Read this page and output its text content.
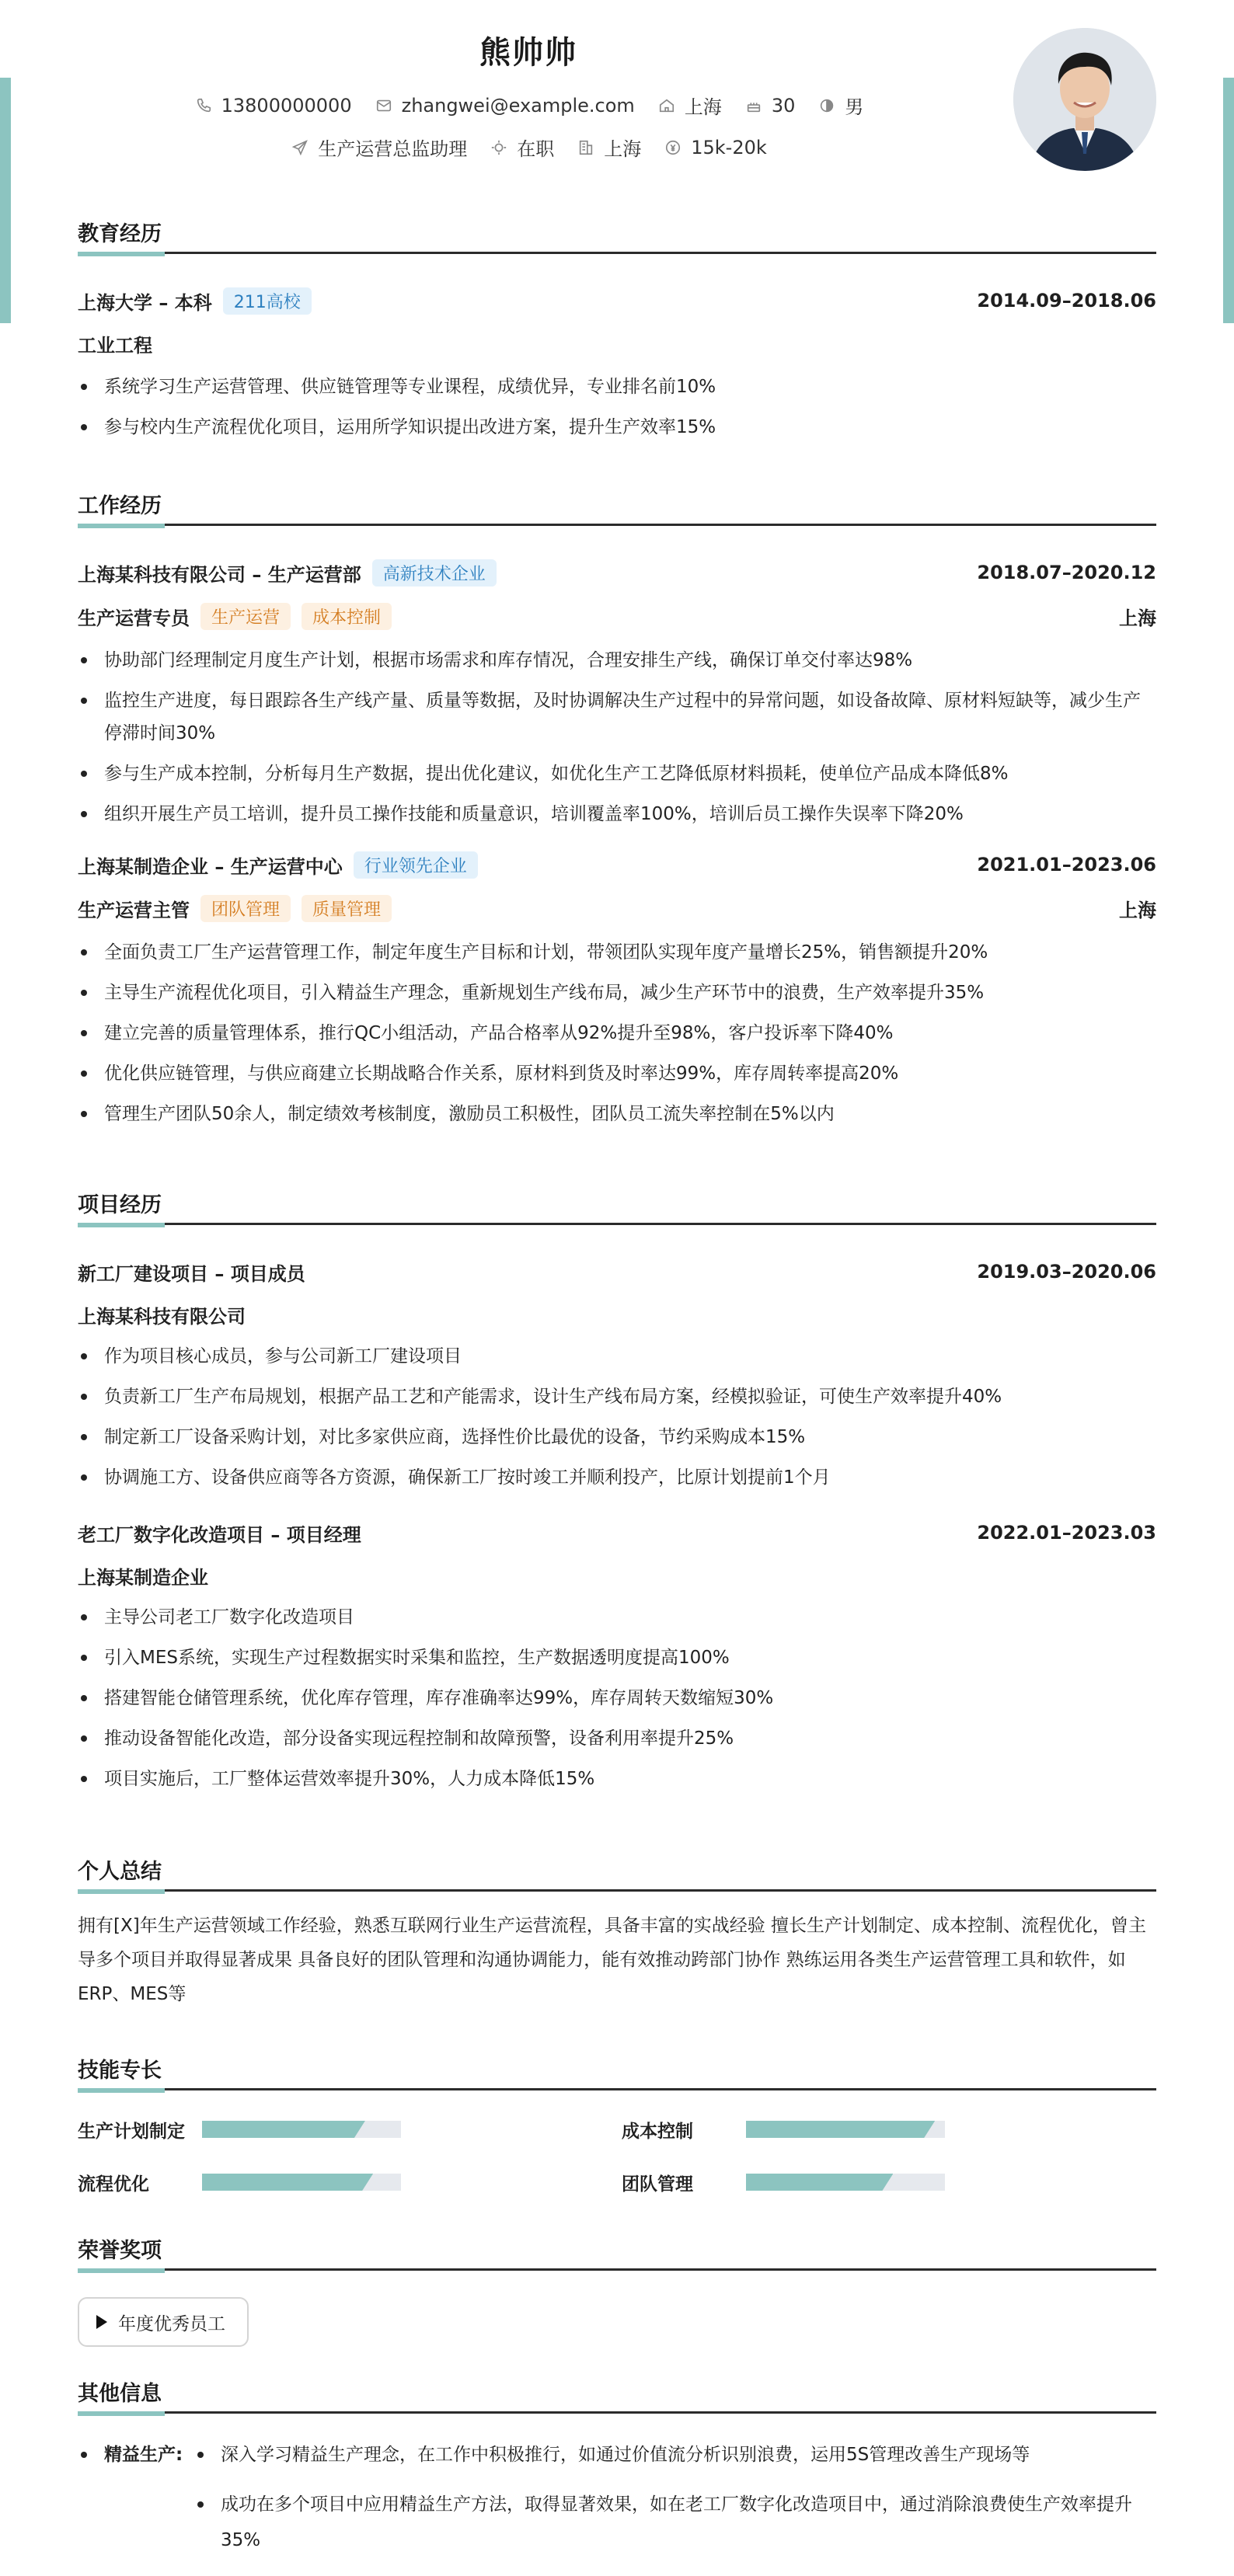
熊帅帅
13800000000	zhangwei@example.com	上海	30	男
生产运营总监助理	在职	上海	15k-20k
教育经历
上海大学 – 本科	211高校	2014.09–2018.06
工业工程
系统学习生产运营管理、供应链管理等专业课程，成绩优异，专业排名前10%
参与校内生产流程优化项目，运用所学知识提出改进方案，提升生产效率15%
工作经历
上海某科技有限公司 – 生产运营部	高新技术企业	2018.07–2020.12
生产运营专员	生产运营	成本控制	上海
协助部门经理制定月度生产计划，根据市场需求和库存情况，合理安排生产线，确保订单交付率达98%
监控生产进度，每日跟踪各生产线产量、质量等数据，及时协调解决生产过程中的异常问题，如设备故障、原材料短缺等，减少生产停滞时间30%
参与生产成本控制，分析每月生产数据，提出优化建议，如优化生产工艺降低原材料损耗，使单位产品成本降低8%
组织开展生产员工培训，提升员工操作技能和质量意识，培训覆盖率100%，培训后员工操作失误率下降20%
上海某制造企业 – 生产运营中心	行业领先企业	2021.01–2023.06
生产运营主管	团队管理	质量管理	上海
全面负责工厂生产运营管理工作，制定年度生产目标和计划，带领团队实现年度产量增长25%，销售额提升20%
主导生产流程优化项目，引入精益生产理念，重新规划生产线布局，减少生产环节中的浪费，生产效率提升35%
建立完善的质量管理体系，推行QC小组活动，产品合格率从92%提升至98%，客户投诉率下降40%
优化供应链管理，与供应商建立长期战略合作关系，原材料到货及时率达99%，库存周转率提高20%
管理生产团队50余人，制定绩效考核制度，激励员工积极性，团队员工流失率控制在5%以内
项目经历
新工厂建设项目 – 项目成员	2019.03–2020.06
上海某科技有限公司
作为项目核心成员，参与公司新工厂建设项目
负责新工厂生产布局规划，根据产品工艺和产能需求，设计生产线布局方案，经模拟验证，可使生产效率提升40%
制定新工厂设备采购计划，对比多家供应商，选择性价比最优的设备，节约采购成本15%
协调施工方、设备供应商等各方资源，确保新工厂按时竣工并顺利投产，比原计划提前1个月
老工厂数字化改造项目 – 项目经理	2022.01–2023.03
上海某制造企业
主导公司老工厂数字化改造项目
引入MES系统，实现生产过程数据实时采集和监控，生产数据透明度提高100%
搭建智能仓储管理系统，优化库存管理，库存准确率达99%，库存周转天数缩短30%
推动设备智能化改造，部分设备实现远程控制和故障预警，设备利用率提升25%
项目实施后，工厂整体运营效率提升30%，人力成本降低15%
个人总结
拥有[X]年生产运营领域工作经验，熟悉互联网行业生产运营流程，具备丰富的实战经验 擅长生产计划制定、成本控制、流程优化，曾主导多个项目并取得显著成果 具备良好的团队管理和沟通协调能力，能有效推动跨部门协作 熟练运用各类生产运营管理工具和软件，如ERP、MES等
技能专长
生产计划制定	成本控制
流程优化	团队管理
荣誉奖项
年度优秀员工
其他信息
精益生产:	深入学习精益生产理念，在工作中积极推行，如通过价值流分析识别浪费，运用5S管理改善生产现场等
成功在多个项目中应用精益生产方法，取得显著效果，如在老工厂数字化改造项目中，通过消除浪费使生产效率提升35%
